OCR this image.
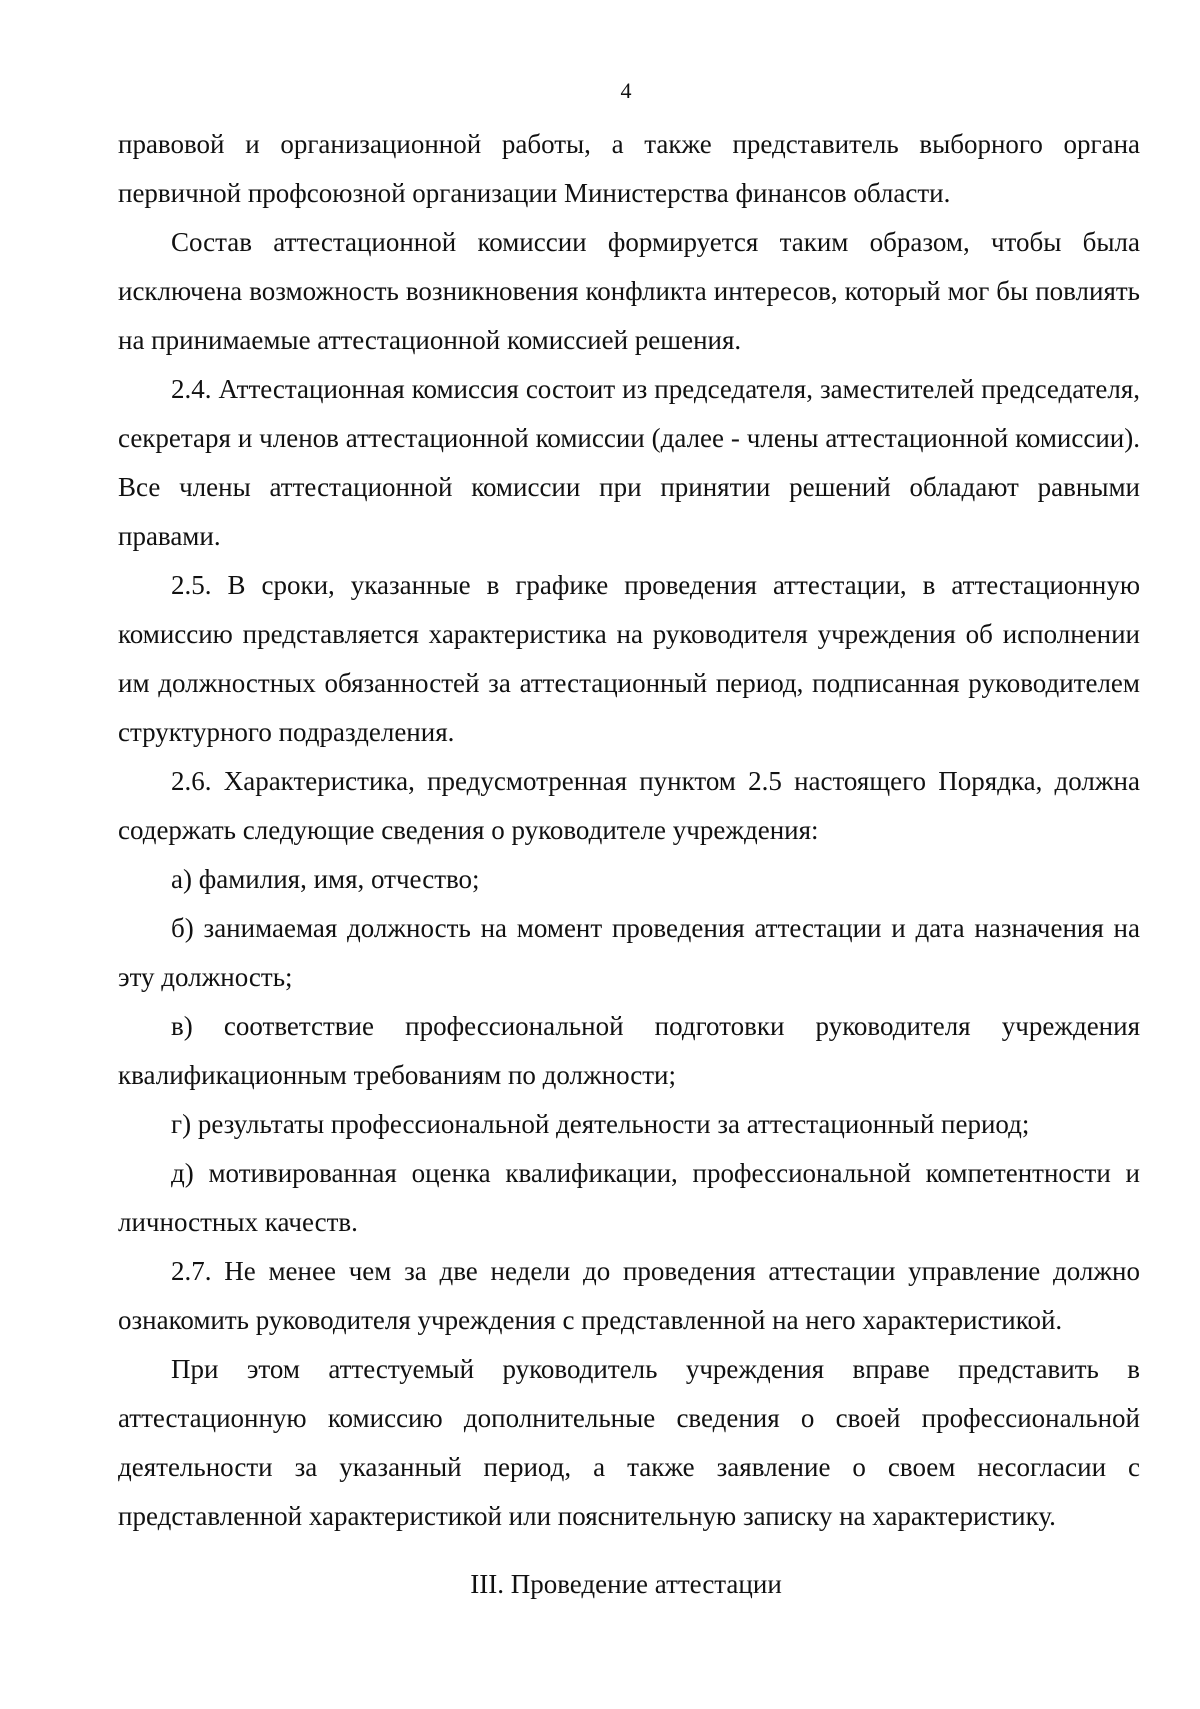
4

правовой и организационной работы, а также представитель выборного органа первичной профсоюзной организации Министерства финансов области.

Состав аттестационной комиссии формируется таким образом, чтобы была исключена возможность возникновения конфликта интересов, который мог бы повлиять на принимаемые аттестационной комиссией решения.

2.4. Аттестационная комиссия состоит из председателя, заместителей председателя, секретаря и членов аттестационной комиссии (далее - члены аттестационной комиссии). Все члены аттестационной комиссии при принятии решений обладают равными правами.

2.5. В сроки, указанные в графике проведения аттестации, в аттестационную комиссию представляется характеристика на руководителя учреждения об исполнении им должностных обязанностей за аттестационный период, подписанная руководителем структурного подразделения.

2.6. Характеристика, предусмотренная пунктом 2.5 настоящего Порядка, должна содержать следующие сведения о руководителе учреждения:

а) фамилия, имя, отчество;

б) занимаемая должность на момент проведения аттестации и дата назначения на эту должность;

в) соответствие профессиональной подготовки руководителя учреждения квалификационным требованиям по должности;

г) результаты профессиональной деятельности за аттестационный период;

д) мотивированная оценка квалификации, профессиональной компетентности и личностных качеств.

2.7. Не менее чем за две недели до проведения аттестации управление должно ознакомить руководителя учреждения с представленной на него характеристикой.

При этом аттестуемый руководитель учреждения вправе представить в аттестационную комиссию дополнительные сведения о своей профессиональной деятельности за указанный период, а также заявление о своем несогласии с представленной характеристикой или пояснительную записку на характеристику.

III. Проведение аттестации
